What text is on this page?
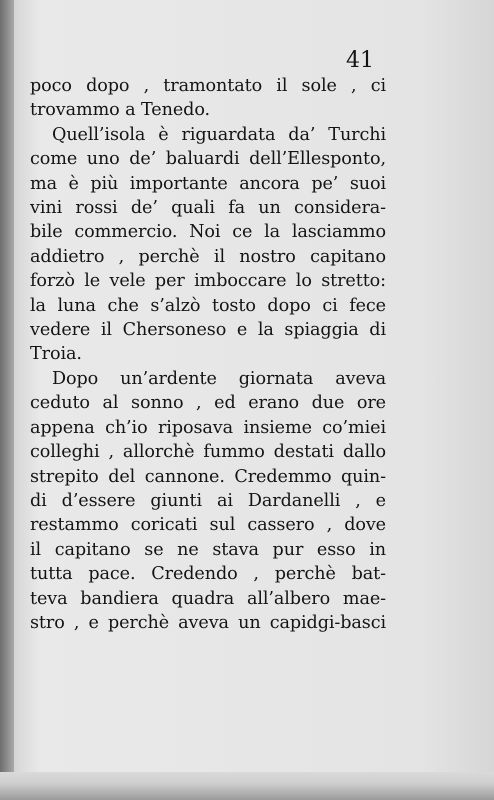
41
poco dopo , tramontato il sole , ci
trovammo a Tenedo.
Quell’isola è riguardata da’ Turchi
come uno de’ baluardi dell’Ellesponto,
ma è più importante ancora pe’ suoi
vini rossi de’ quali fa un considera-
bile commercio. Noi ce la lasciammo
addietro , perchè il nostro capitano
forzò le vele per imboccare lo stretto:
la luna che s’alzò tosto dopo ci fece
vedere il Chersoneso e la spiaggia di
Troia.
Dopo un’ardente giornata aveva
ceduto al sonno , ed erano due ore
appena ch’io riposava insieme co’miei
colleghi , allorchè fummo destati dallo
strepito del cannone. Credemmo quin-
di d’essere giunti ai Dardanelli , e
restammo coricati sul cassero , dove
il capitano se ne stava pur esso in
tutta pace. Credendo , perchè bat-
teva bandiera quadra all’albero mae-
stro , e perchè aveva un capidgi-basci
